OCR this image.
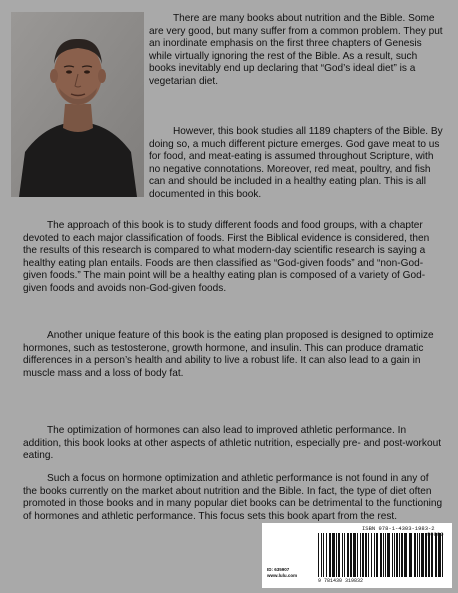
There are many books about nutrition and the Bible. Some are very good, but many suffer from a common problem. They put an inordinate emphasis on the first three chapters of Genesis while virtually ignoring the rest of the Bible. As a result, such books inevitably end up declaring that “God’s ideal diet” is a vegetarian diet.

However, this book studies all 1189 chapters of the Bible. By doing so, a much different picture emerges. God gave meat to us for food, and meat-eating is assumed throughout Scripture, with no negative connotations. Moreover, red meat, poultry, and fish can and should be included in a healthy eating plan. This is all documented in this book.

The approach of this book is to study different foods and food groups, with a chapter devoted to each major classification of foods. First the Biblical evidence is considered, then the results of this research is compared to what modern-day scientific research is saying a healthy eating plan entails. Foods are then classified as “God-given foods” and “non-God-given foods.” The main point will be a healthy eating plan is composed of a variety of God-given foods and avoids non-God-given foods.

Another unique feature of this book is the eating plan proposed is designed to optimize hormones, such as testosterone, growth hormone, and insulin. This can produce dramatic differences in a person’s health and ability to live a robust life. It can also lead to a gain in muscle mass and a loss of body fat.

The optimization of hormones can also lead to improved athletic performance. In addition, this book looks at other aspects of athletic nutrition, especially pre- and post-workout eating.

Such a focus on hormone optimization and athletic performance is not found in any of the books currently on the market about nutrition and the Bible. In fact, the type of diet often promoted in those books and in many popular diet books can be detrimental to the functioning of hormones and athletic performance. This focus sets this book apart from the rest.

ISBN 978-1-4303-1983-2
ID: 635907
www.lulu.com
9 781430 319832
